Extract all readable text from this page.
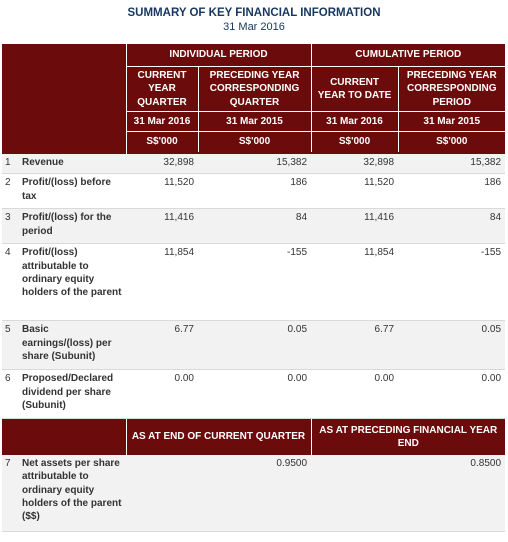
SUMMARY OF KEY FINANCIAL INFORMATION
31 Mar 2016
		INDIVIDUAL PERIOD		CUMULATIVE PERIOD	
		CURRENT YEAR QUARTER	PRECEDING YEAR CORRESPONDING QUARTER	CURRENT YEAR TO DATE	PRECEDING YEAR CORRESPONDING PERIOD
		31 Mar 2016	31 Mar 2015	31 Mar 2016	31 Mar 2015
		S$'000	S$'000	S$'000	S$'000

1	Revenue	32,898	15,382	32,898	15,382
2	Profit/(loss) before tax	11,520	186	11,520	186
3	Profit/(loss) for the period	11,416	84	11,416	84
4	Profit/(loss) attributable to ordinary equity holders of the parent	11,854	-155	11,854	-155
5	Basic earnings/(loss) per share (Subunit)	6.77	0.05	6.77	0.05
6	Proposed/Declared dividend per share (Subunit)	0.00	0.00	0.00	0.00
		AS AT END OF CURRENT QUARTER		AS AT PRECEDING FINANCIAL YEAR END	
7	Net assets per share attributable to ordinary equity holders of the parent ($$)	0.9500		0.8500	
